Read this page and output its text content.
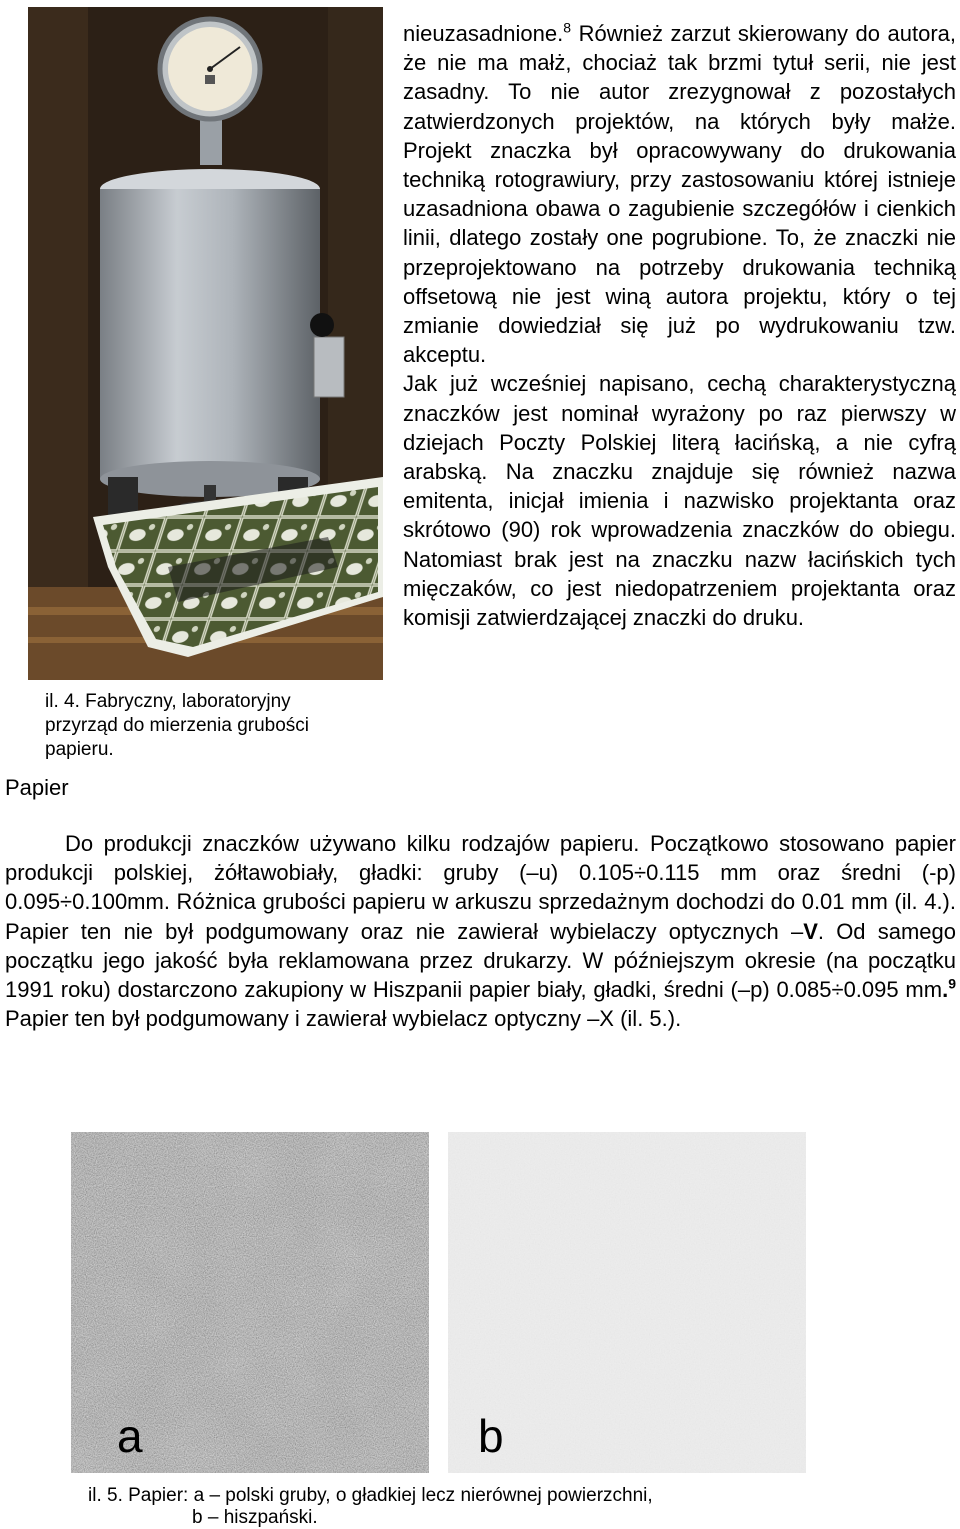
il. 4. Fabryczny, laboratoryjny

przyrząd do mierzenia grubości

papieru.

Papier

nieuzasadnione.$^8$ Również zarzut skierowany do autora, że nie ma małż, chociaż tak brzmi tytuł serii, nie jest zasadny. To nie autor zrezygnował z pozostałych zatwierdzonych projektów, na których były małże. Projekt znaczka był opracowywany do drukowania techniką rotograwiury, przy zastosowaniu której istnieje uzasadniona obawa o zagubienie szczegółów i cienkich linii, dlatego zostały one pogrubione. To, że znaczki nie przeprojektowano na potrzeby drukowania techniką offsetową nie jest winą autora projektu, który o tej zmianie dowiedział się już po wydrukowaniu tzw. akceptu.

Jak już wcześniej napisano, cechą charakterystyczną znaczków jest nominał wyrażony po raz pierwszy w dziejach Poczty Polskiej literą łacińską, a nie cyfrą arabską. Na znaczku znajduje się również nazwa emitenta, inicjał imienia i nazwisko projektanta oraz skrótowo (90) rok wprowadzenia znaczków do obiegu. Natomiast brak jest na znaczku nazw łacińskich tych mięczaków, co jest niedopatrzeniem projektanta oraz komisji zatwierdzającej znaczki do druku.

Do produkcji znaczków używano kilku rodzajów papieru. Początkowo stosowano papier produkcji polskiej, żółtawobiały, gładki: gruby (–u) 0.105÷0.115 mm oraz średni (-p) 0.095÷0.100mm. Różnica grubości papieru w arkuszu sprzedażnym dochodzi do 0.01 mm (il. 4.). Papier ten nie był podgumowany oraz nie zawierał wybielaczy optycznych –V. Od samego początku jego jakość była reklamowana przez drukarzy. W późniejszym okresie (na początku 1991 roku) dostarczono zakupiony w Hiszpanii papier biały, gładki, średni (–p) 0.085÷0.095 mm.$^9$ Papier ten był podgumowany i zawierał wybielacz optyczny –X (il. 5.).

a	b

il. 5. Papier: a – polski gruby, o gładkiej lecz nierównej powierzchni,

b – hiszpański.
